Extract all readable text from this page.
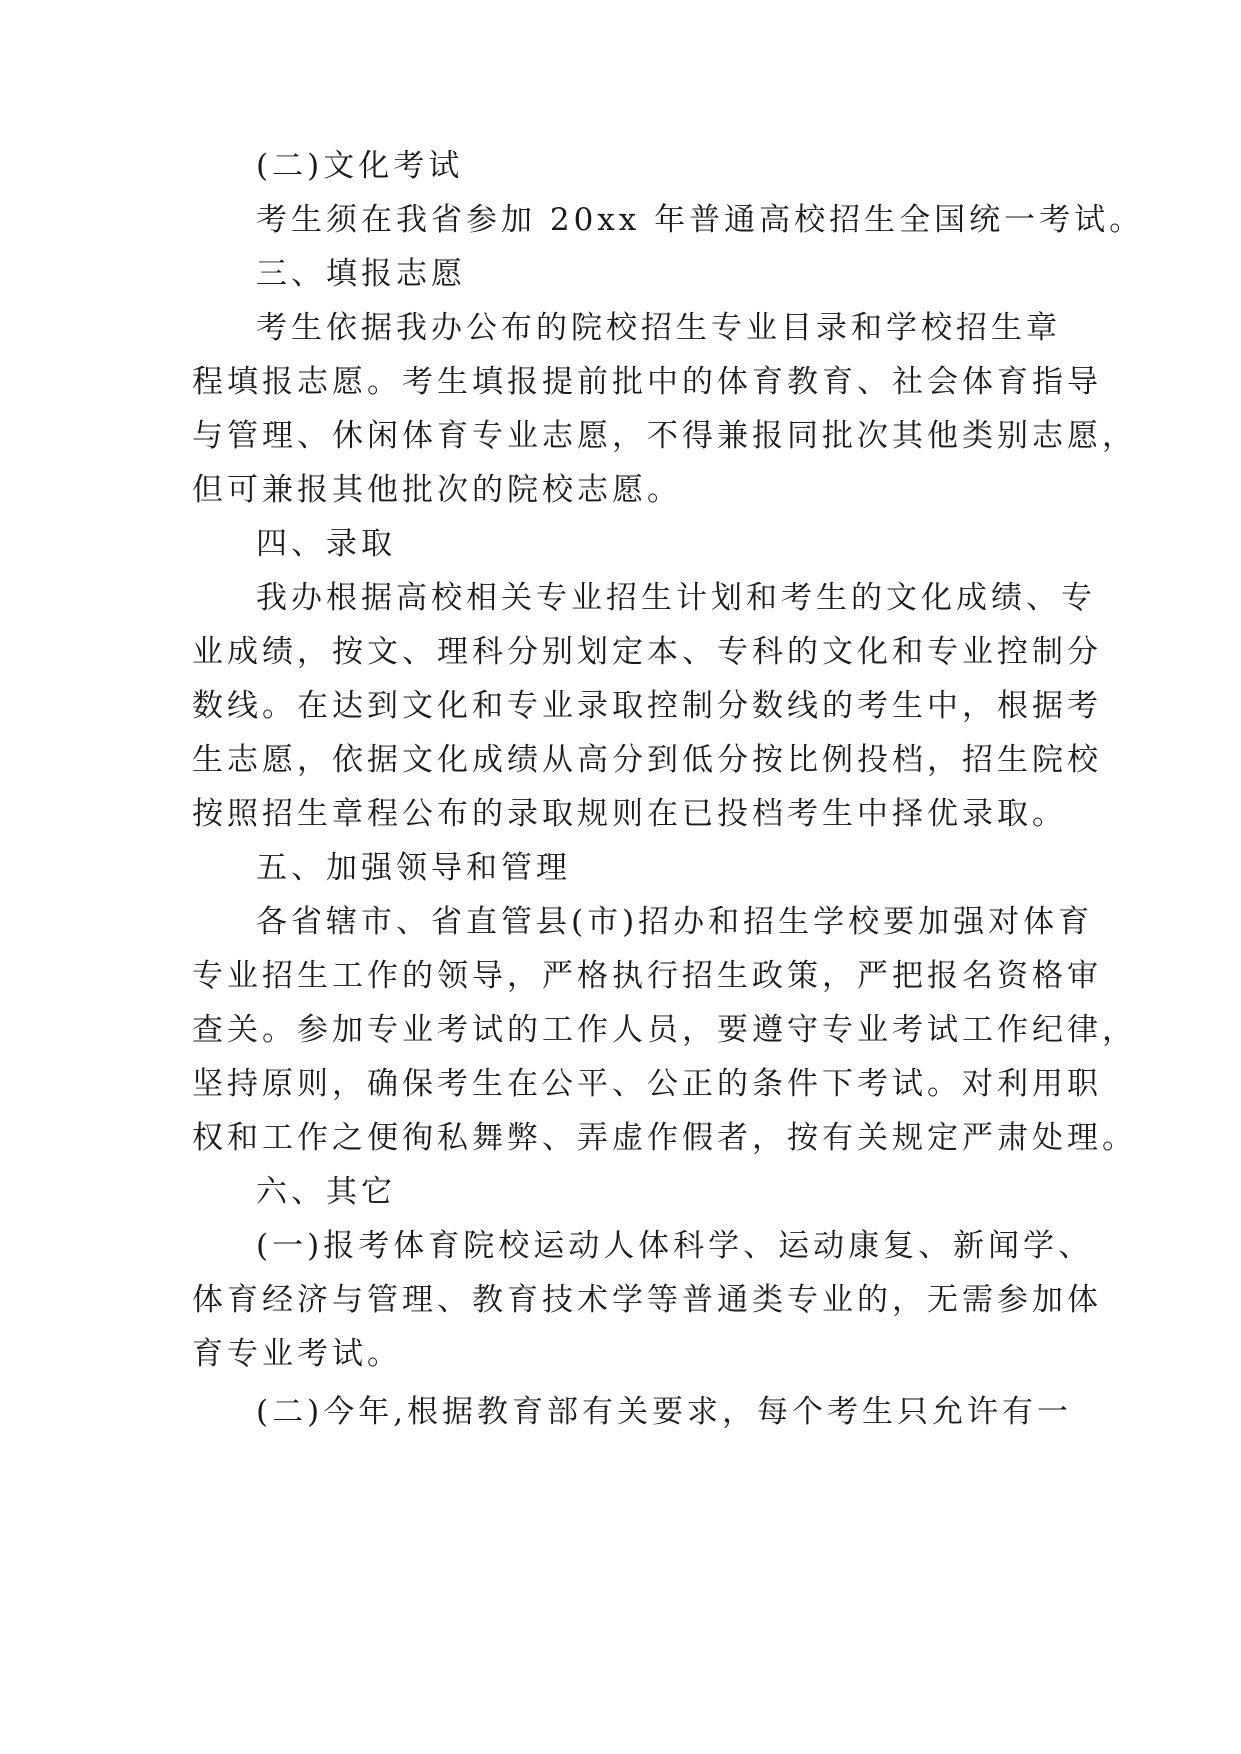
(二)文化考试
考生须在我省参加 20xx 年普通高校招生全国统一考试。
三、填报志愿
考生依据我办公布的院校招生专业目录和学校招生章
程填报志愿。考生填报提前批中的体育教育、社会体育指导
与管理、休闲体育专业志愿，不得兼报同批次其他类别志愿，
但可兼报其他批次的院校志愿。
四、录取
我办根据高校相关专业招生计划和考生的文化成绩、专
业成绩，按文、理科分别划定本、专科的文化和专业控制分
数线。在达到文化和专业录取控制分数线的考生中，根据考
生志愿，依据文化成绩从高分到低分按比例投档，招生院校
按照招生章程公布的录取规则在已投档考生中择优录取。
五、加强领导和管理
各省辖市、省直管县(市)招办和招生学校要加强对体育
专业招生工作的领导，严格执行招生政策，严把报名资格审
查关。参加专业考试的工作人员，要遵守专业考试工作纪律，
坚持原则，确保考生在公平、公正的条件下考试。对利用职
权和工作之便徇私舞弊、弄虚作假者，按有关规定严肃处理。
六、其它
(一)报考体育院校运动人体科学、运动康复、新闻学、
体育经济与管理、教育技术学等普通类专业的，无需参加体
育专业考试。
(二)今年,根据教育部有关要求，每个考生只允许有一
